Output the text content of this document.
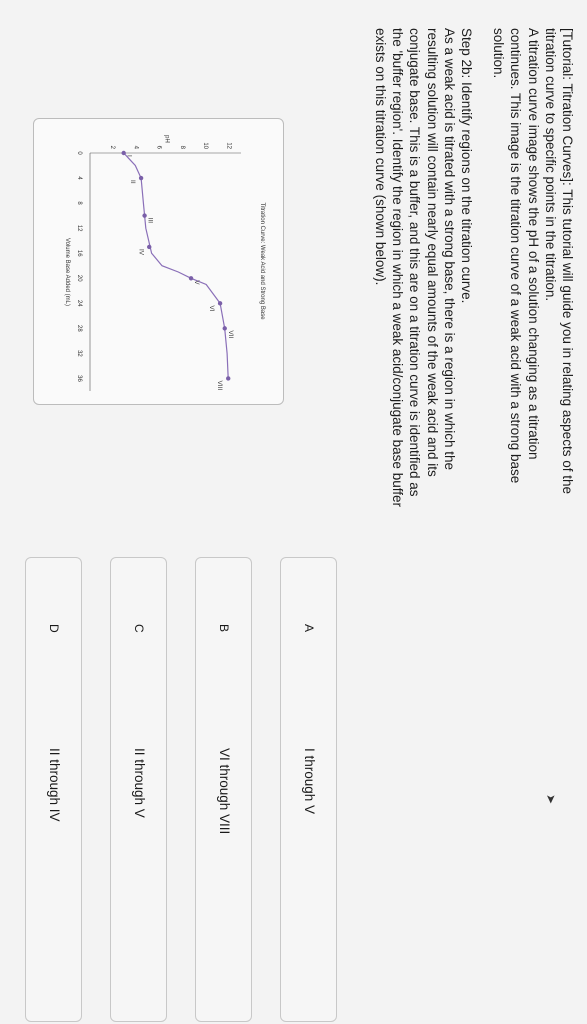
[Tutorial: Titration Curves]: This tutorial will guide you in relating aspects of the

titration curve to specific points in the titration.

A titration curve image shows the pH of a solution changing as a titration

continues. This image is the titration curve of a weak acid with a strong base

solution.

Step 2b: Identify regions on the titration curve.

As a weak acid is titrated with a strong base, there is a region in which the

resulting solution will contain nearly equal amounts of the weak acid and its

conjugate base. This is a buffer, and this are on a titration curve is identified as

the 'buffer region'. Identify the region in which a weak acid/conjugate base buffer

exists on this titration curve (shown below).

Titration Curve: Weak Acid and Strong Base
Volume Base Added (mL)
pH
0
4
8
12
16
20
24
28
32
36
2	4	6	8	10	12
I
II
III
IV
V
VI
VII
VIII
A
I through V
B
VI through VIII
C
II through V
D
II through IV	➤
